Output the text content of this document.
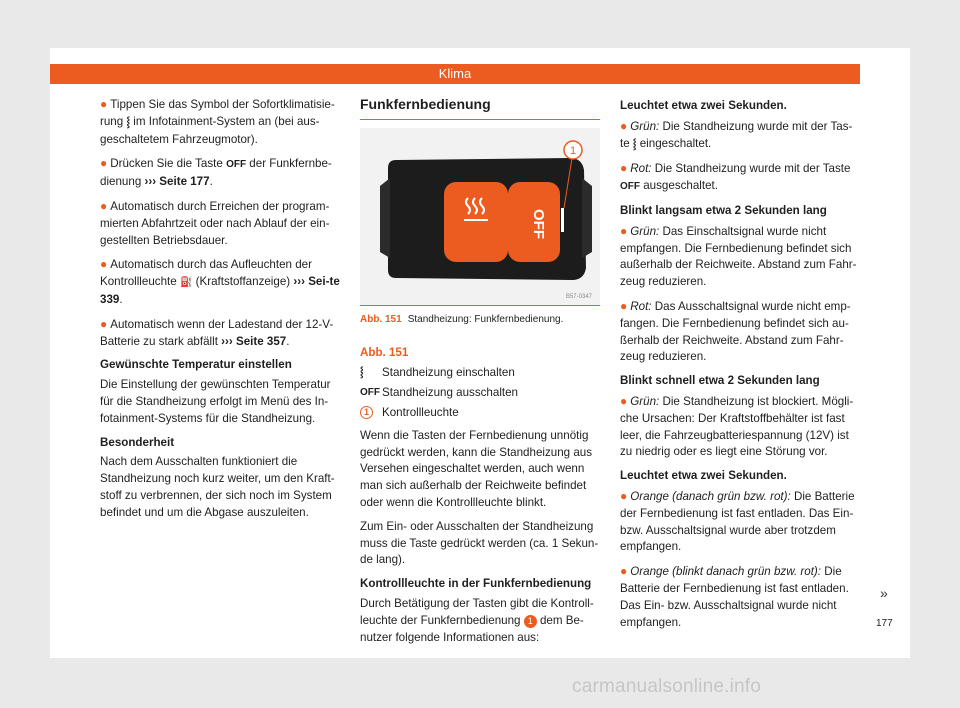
Klima

● Tippen Sie das Symbol der Sofortklimatisie-rung ⸾ im Infotainment-System an (bei aus-geschaltetem Fahrzeugmotor).

● Drücken Sie die Taste OFF der Funkfernbe-dienung ››› Seite 177.

● Automatisch durch Erreichen der program-mierten Abfahrtzeit oder nach Ablauf der ein-gestellten Betriebsdauer.

● Automatisch durch das Aufleuchten der Kontrollleuchte ⛽ (Kraftstoffanzeige) ››› Sei-te 339.

● Automatisch wenn der Ladestand der 12-V-Batterie zu stark abfällt ››› Seite 357.

Gewünschte Temperatur einstellen

Die Einstellung der gewünschten Temperatur für die Standheizung erfolgt im Menü des In-fotainment-Systems für die Standheizung.

Besonderheit

Nach dem Ausschalten funktioniert die Standheizung noch kurz weiter, um den Kraft-stoff zu verbrennen, der sich noch im System befindet und um die Abgase auszuleiten.

Funkfernbedienung
OFF
1
B57-0347
Abb. 151 Standheizung: Funkfernbedienung.
Abb. 151
⸾	Standheizung einschalten
OFF Standheizung ausschalten
1	Kontrollleuchte

Wenn die Tasten der Fernbedienung unnötig gedrückt werden, kann die Standheizung aus Versehen eingeschaltet werden, auch wenn man sich außerhalb der Reichweite befindet oder wenn die Kontrollleuchte blinkt.

Zum Ein- oder Ausschalten der Standheizung muss die Taste gedrückt werden (ca. 1 Sekun-de lang).

Kontrollleuchte in der Funkfernbedienung

Durch Betätigung der Tasten gibt die Kontroll-leuchte der Funkfernbedienung 1 dem Be-nutzer folgende Informationen aus:

Leuchtet etwa zwei Sekunden.

● Grün: Die Standheizung wurde mit der Tas-te ⸾ eingeschaltet.

● Rot: Die Standheizung wurde mit der Taste OFF ausgeschaltet.

Blinkt langsam etwa 2 Sekunden lang

● Grün: Das Einschaltsignal wurde nicht empfangen. Die Fernbedienung befindet sich außerhalb der Reichweite. Abstand zum Fahr-zeug reduzieren.

● Rot: Das Ausschaltsignal wurde nicht emp-fangen. Die Fernbedienung befindet sich au-ßerhalb der Reichweite. Abstand zum Fahr-zeug reduzieren.

Blinkt schnell etwa 2 Sekunden lang

● Grün: Die Standheizung ist blockiert. Mögli-che Ursachen: Der Kraftstoffbehälter ist fast leer, die Fahrzeugbatteriespannung (12V) ist zu niedrig oder es liegt eine Störung vor.

Leuchtet etwa zwei Sekunden.

● Orange (danach grün bzw. rot): Die Batterie der Fernbedienung ist fast entladen. Das Ein- bzw. Ausschaltsignal wurde aber trotzdem empfangen.

● Orange (blinkt danach grün bzw. rot): Die Batterie der Fernbedienung ist fast entladen. Das Ein- bzw. Ausschaltsignal wurde nicht empfangen.

»
177
carmanualsonline.info
